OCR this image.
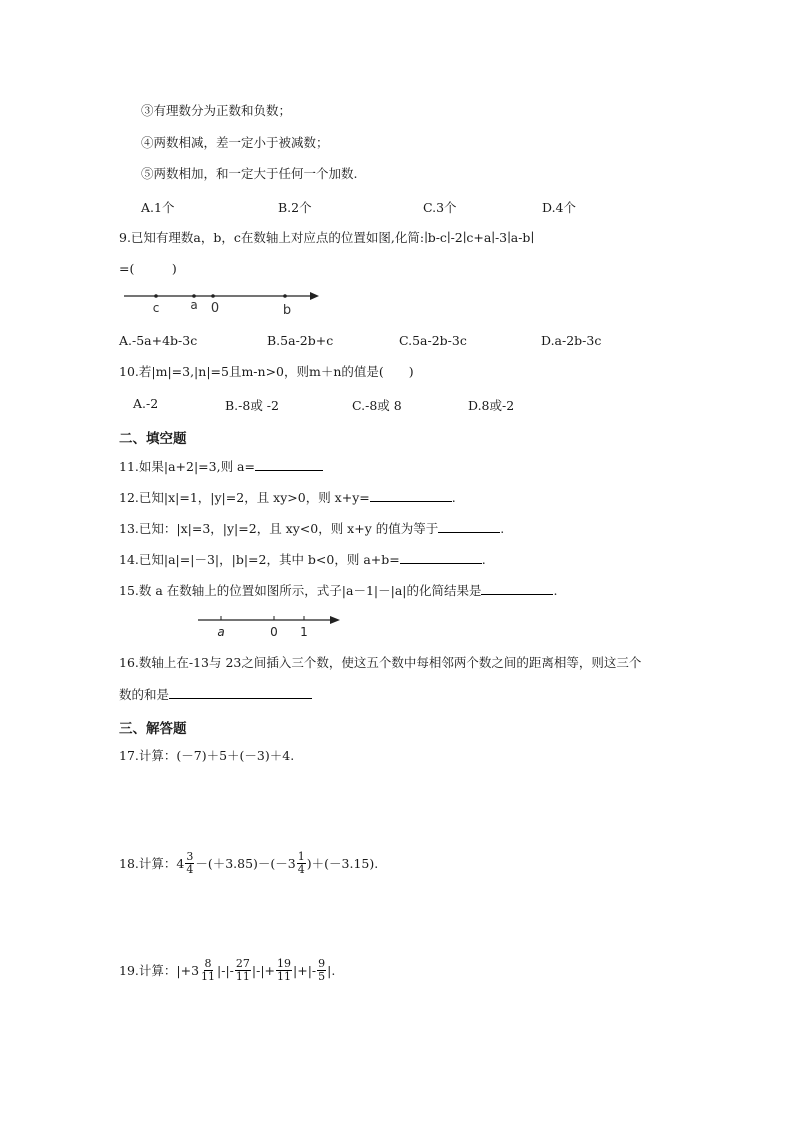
③有理数分为正数和负数；
④两数相减，差一定小于被减数；
⑤两数相加，和一定大于任何一个加数.
A.1个	B.2个	C.3个	D.4个
9.已知有理数a，b，c在数轴上对应点的位置如图,化简:∣b-c∣-2∣c+a∣-3∣a-b∣
=(　　　)
c	a 0	b
A.-5a+4b-3c	B.5a-2b+c	C.5a-2b-3c	D.a-2b-3c
10.若|m|=3,|n|=5且m-n>0，则m＋n的值是(　　)
A.-2	B.-8或 -2	C.-8或 8	D.8或-2
二、填空题
11.如果|a+2|=3,则 a=
12.已知|x|=1，|y|=2，且 xy>0，则 x+y=	.
13.已知：|x|=3，|y|=2，且 xy<0，则 x+y 的值为等于	.
14.已知|a|=|－3|，|b|=2，其中 b<0，则 a+b=	.
15.数 a 在数轴上的位置如图所示，式子|a－1|－|a|的化简结果是	.
a	0 1
16.数轴上在-13与 23之间插入三个数，使这五个数中每相邻两个数之间的距离相等，则这三个
数的和是
三、解答题
17.计算：(－7)＋5＋(－3)＋4.
18.计算：$4 \frac{3}{4} -(+3.85)-(-3 \frac{1}{4} )+(-3.15)$.
19.计算：$|+3 \frac{8}{11}$ |-|- $\frac{27}{11}$ |-|+ $\frac{19}{11}$ |+|- $\frac{9}{5}$ |.
